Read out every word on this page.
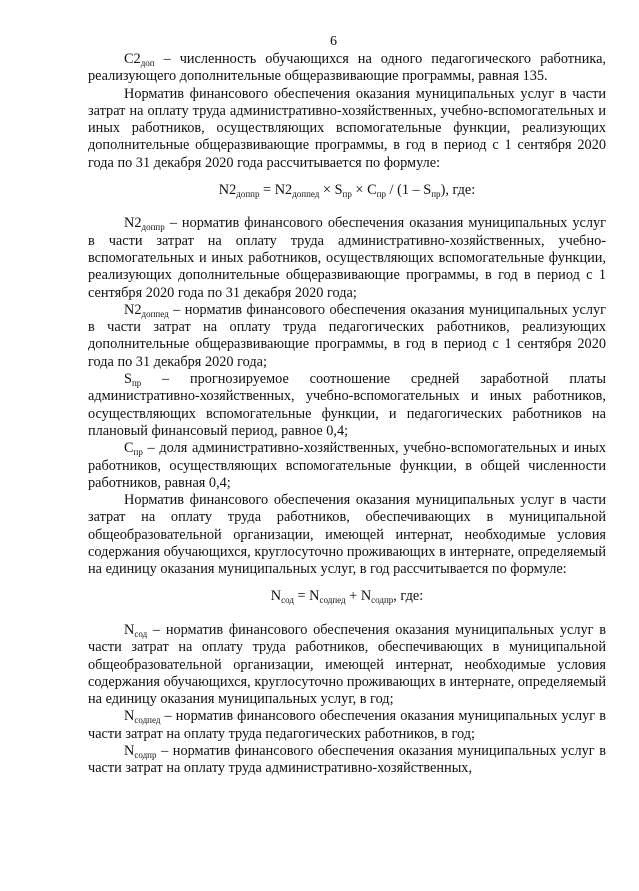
6

$С2_{доп}$ – численность обучающихся на одного педагогического работника, реализующего дополнительные общеразвивающие программы, равная 135.

Норматив финансового обеспечения оказания муниципальных услуг в части затрат на оплату труда административно-хозяйственных, учебно-вспомогательных и иных работников, осуществляющих вспомогательные функции, реализующих дополнительные общеразвивающие программы, в год в период с 1 сентября 2020 года по 31 декабря 2020 года рассчитывается по формуле:

$N2_{доппр} = N2_{доппед} \times S_{пр} \times С_{пр} / (1 - S_{пр})$, где:

$N2_{доппр}$ – норматив финансового обеспечения оказания муниципальных услуг в части затрат на оплату труда административно-хозяйственных, учебно-вспомогательных и иных работников, осуществляющих вспомогательные функции, реализующих дополнительные общеразвивающие программы, в год в период с 1 сентября 2020 года по 31 декабря 2020 года;

$N2_{доппед}$ – норматив финансового обеспечения оказания муниципальных услуг в части затрат на оплату труда педагогических работников, реализующих дополнительные общеразвивающие программы, в год в период с 1 сентября 2020 года по 31 декабря 2020 года;

$S_{пр}$ – прогнозируемое соотношение средней заработной платы административно-хозяйственных, учебно-вспомогательных и иных работников, осуществляющих вспомогательные функции, и педагогических работников на плановый финансовый период, равное 0,4;

$С_{пр}$ – доля административно-хозяйственных, учебно-вспомогательных и иных работников, осуществляющих вспомогательные функции, в общей численности работников, равная 0,4;

Норматив финансового обеспечения оказания муниципальных услуг в части затрат на оплату труда работников, обеспечивающих в муниципальной общеобразовательной организации, имеющей интернат, необходимые условия содержания обучающихся, круглосуточно проживающих в интернате, определяемый на единицу оказания муниципальных услуг, в год рассчитывается по формуле:

$N_{сод} = N_{содпед} + N_{содпр}$, где:

$N_{сод}$ – норматив финансового обеспечения оказания муниципальных услуг в части затрат на оплату труда работников, обеспечивающих в муниципальной общеобразовательной организации, имеющей интернат, необходимые условия содержания обучающихся, круглосуточно проживающих в интернате, определяемый на единицу оказания муниципальных услуг, в год;

$N_{содпед}$ – норматив финансового обеспечения оказания муниципальных услуг в части затрат на оплату труда педагогических работников, в год;

$N_{содпр}$ – норматив финансового обеспечения оказания муниципальных услуг в части затрат на оплату труда административно-хозяйственных,
